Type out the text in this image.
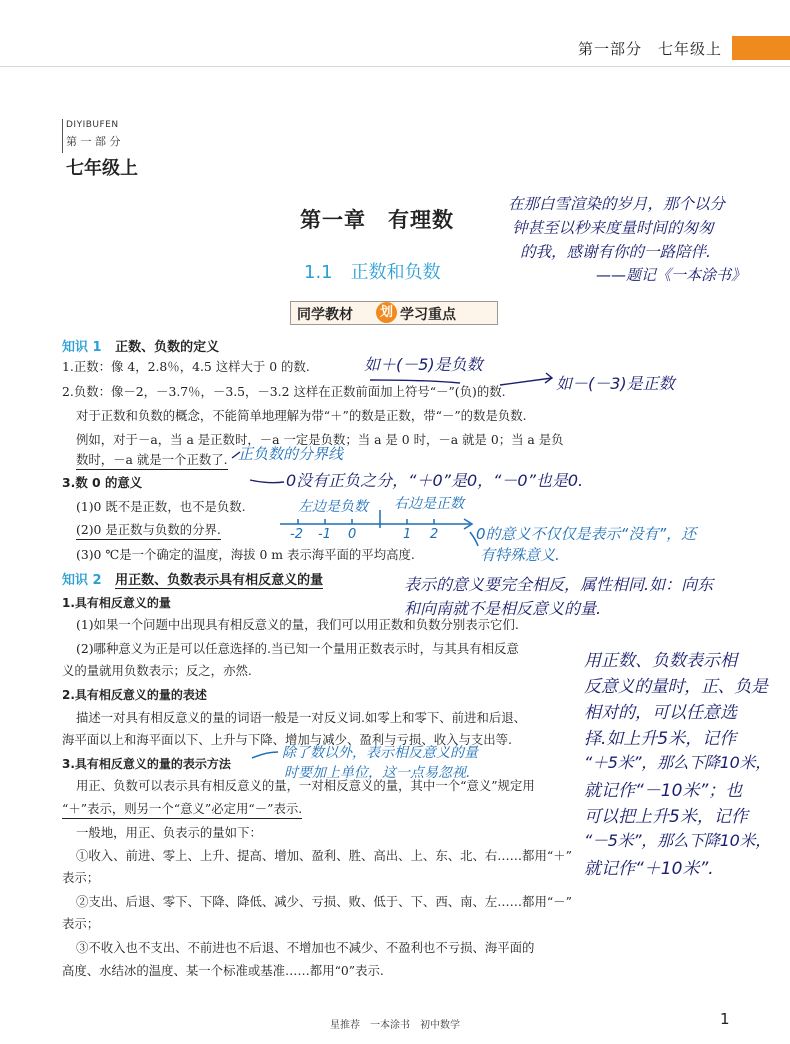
第一部分　七年级上
DIYIBUFEN
第 一 部 分
七年级上
第一章　有理数
1.1　正数和负数
同学教材	划 学习重点
在那白雪渲染的岁月，那个以分
钟甚至以秒来度量时间的匆匆
的我，感谢有你的一路陪伴.
——题记《一本涂书》
知识 1 正数、负数的定义
1.正数：像 4，2.8％，4.5 这样大于 0 的数.
2.负数：像－2，－3.7％，－3.5，－3.2 这样在正数前面加上符号“－”(负)的数.
对于正数和负数的概念，不能简单地理解为带“＋”的数是正数，带“－”的数是负数.
例如，对于－a，当 a 是正数时，－a 一定是负数；当 a 是 0 时，－a 就是 0；当 a 是负
数时，－a 就是一个正数了.
3.数 0 的意义
(1)0 既不是正数，也不是负数.
(2)0 是正数与负数的分界.
(3)0 ℃是一个确定的温度，海拔 0 m 表示海平面的平均高度.
如＋(－5)是负数
如－(－3)是正数
正负数的分界线
0没有正负之分，“＋0”是0，“－0”也是0.
左边是负数 右边是正数
0的意义不仅仅是表示“没有”，还
有特殊意义.
-2 -1 0	1 2
知识 2 用正数、负数表示具有相反意义的量
1.具有相反意义的量
(1)如果一个问题中出现具有相反意义的量，我们可以用正数和负数分别表示它们.
(2)哪种意义为正是可以任意选择的.当已知一个量用正数表示时，与其具有相反意
义的量就用负数表示；反之，亦然.
2.具有相反意义的量的表述
描述一对具有相反意义的量的词语一般是一对反义词.如零上和零下、前进和后退、
海平面以上和海平面以下、上升与下降、增加与减少、盈利与亏损、收入与支出等.
3.具有相反意义的量的表示方法
用正、负数可以表示具有相反意义的量，一对相反意义的量，其中一个“意义”规定用
“＋”表示，则另一个“意义”必定用“－”表示.
一般地，用正、负表示的量如下：
①收入、前进、零上、上升、提高、增加、盈利、胜、高出、上、东、北、右……都用“＋”
表示；
②支出、后退、零下、下降、降低、减少、亏损、败、低于、下、西、南、左……都用“－”
表示；
③不收入也不支出、不前进也不后退、不增加也不减少、不盈利也不亏损、海平面的
高度、水结冰的温度、某一个标准或基准……都用“0”表示.
表示的意义要完全相反，属性相同.如：向东
和向南就不是相反意义的量.
除了数以外，表示相反意义的量
时要加上单位，这一点易忽视.
用正数、负数表示相
反意义的量时，正、负是
相对的，可以任意选
择.如上升5米，记作
“＋5米”，那么下降10米，
就记作“－10米”；也
可以把上升5米，记作
“－5米”，那么下降10米，
就记作“＋10米”.
星推荐　一本涂书　初中数学	1
